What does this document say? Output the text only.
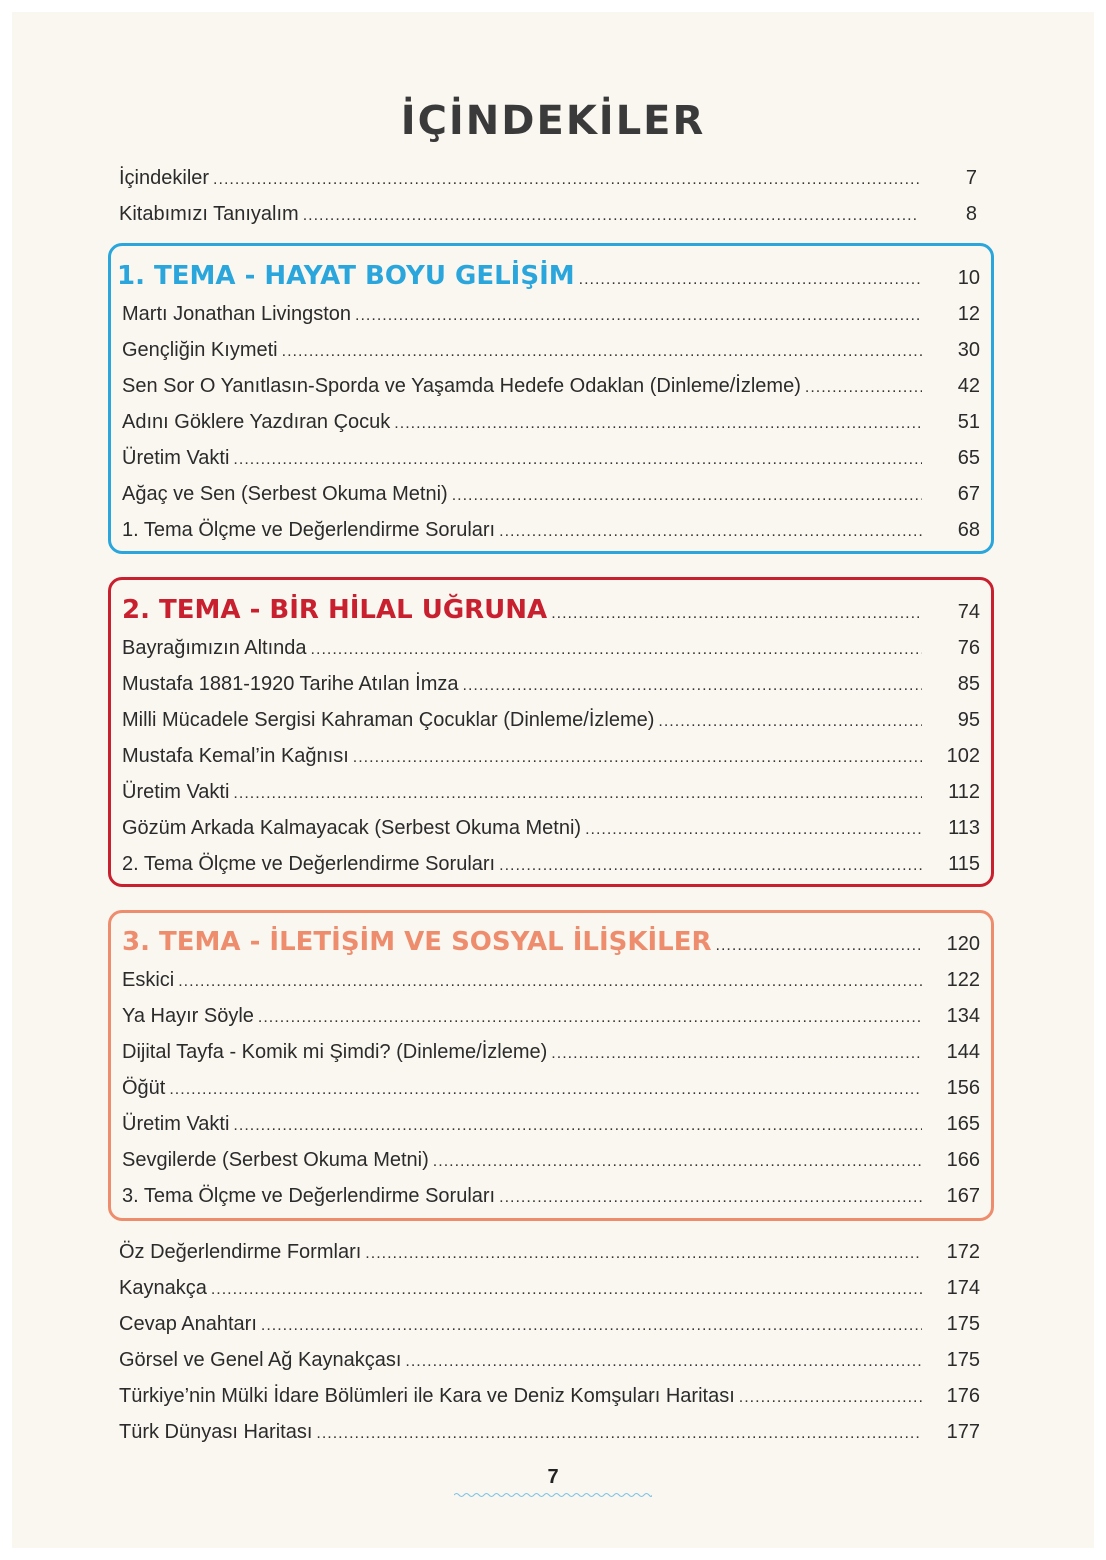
İÇİNDEKİLER
İçindekiler .....	7
Kitabımızı Tanıyalım .....	8
1. TEMA - HAYAT BOYU GELİŞİM .....	10
Martı Jonathan Livingston .....	12
Gençliğin Kıymeti .....	30
Sen Sor O Yanıtlasın-Sporda ve Yaşamda Hedefe Odaklan (Dinleme/İzleme) .....	42
Adını Göklere Yazdıran Çocuk .....	51
Üretim Vakti .....	65
Ağaç ve Sen (Serbest Okuma Metni) .....	67
1. Tema Ölçme ve Değerlendirme Soruları .....	68
2. TEMA - BİR HİLAL UĞRUNA .....	74
Bayrağımızın Altında .....	76
Mustafa 1881-1920 Tarihe Atılan İmza .....	85
Milli Mücadele Sergisi Kahraman Çocuklar (Dinleme/İzleme) .....	95
Mustafa Kemal’in Kağnısı .....	102
Üretim Vakti .....	112
Gözüm Arkada Kalmayacak (Serbest Okuma Metni) .....	113
2. Tema Ölçme ve Değerlendirme Soruları .....	115
3. TEMA - İLETİŞİM VE SOSYAL İLİŞKİLER .....	120
Eskici .....	122
Ya Hayır Söyle .....	134
Dijital Tayfa - Komik mi Şimdi? (Dinleme/İzleme) .....	144
Öğüt .....	156
Üretim Vakti .....	165
Sevgilerde (Serbest Okuma Metni) .....	166
3. Tema Ölçme ve Değerlendirme Soruları .....	167
Öz Değerlendirme Formları .....	172
Kaynakça .....	174
Cevap Anahtarı .....	175
Görsel ve Genel Ağ Kaynakçası .....	175
Türkiye’nin Mülki İdare Bölümleri ile Kara ve Deniz Komşuları Haritası .....	176
Türk Dünyası Haritası .....	177
7
